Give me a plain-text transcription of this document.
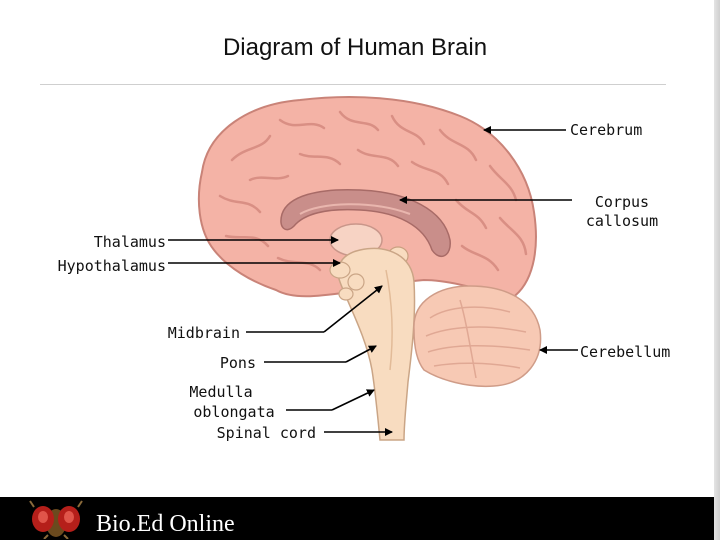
Diagram of Human Brain
Cerebrum
Corpus
callosum
Thalamus
Hypothalamus
Midbrain
Pons
Medulla
oblongata
Spinal cord
Cerebellum
Bio.Ed Online
